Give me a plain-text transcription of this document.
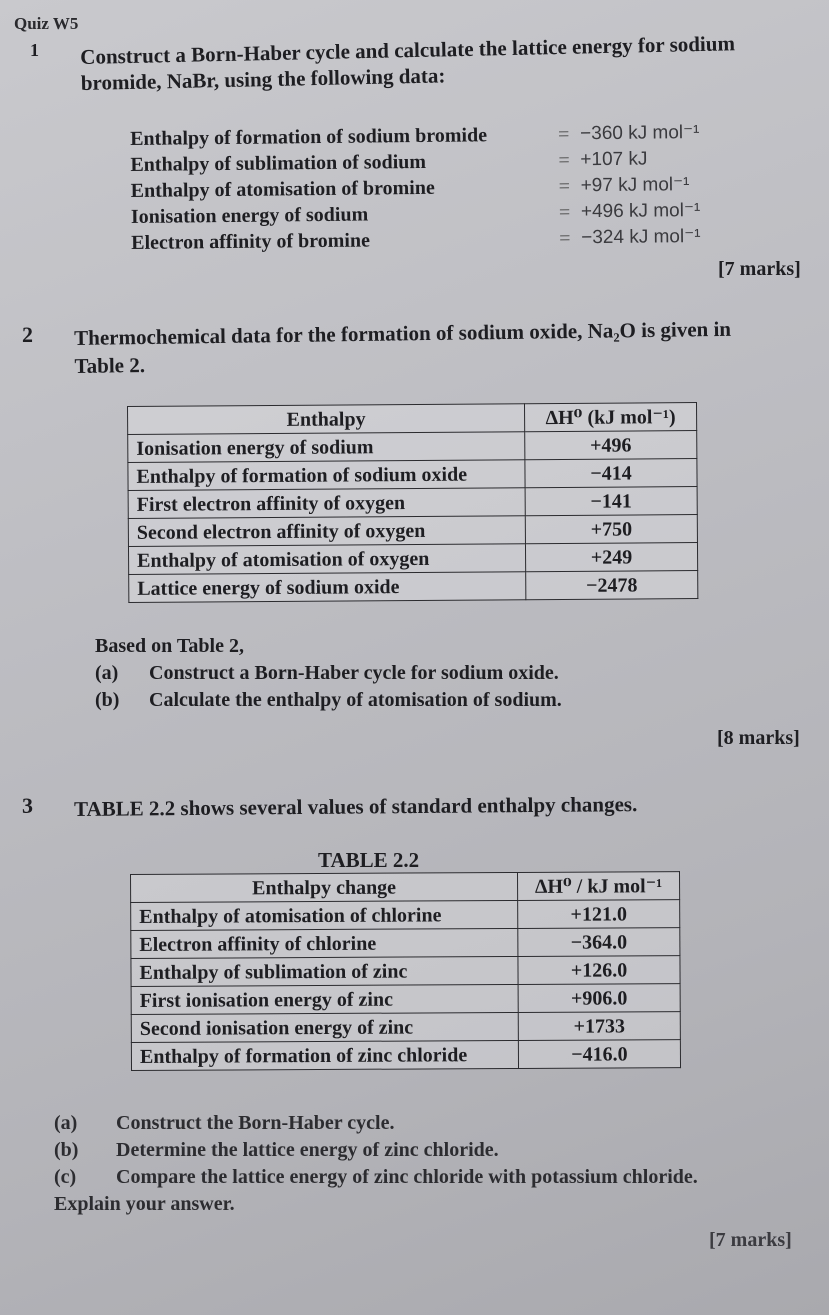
Quiz W5
1 Construct a Born-Haber cycle and calculate the lattice energy for sodium
bromide, NaBr, using the following data:
Enthalpy of formation of sodium bromide	= −360 kJ mol⁻¹
Enthalpy of sublimation of sodium	= +107 kJ
Enthalpy of atomisation of bromine	= +97 kJ mol⁻¹
Ionisation energy of sodium	= +496 kJ mol⁻¹
Electron affinity of bromine	= −324 kJ mol⁻¹
[7 marks]
2 Thermochemical data for the formation of sodium oxide, Na₂O is given in
Table 2.
Enthalpy	ΔH⁰ (kJ mol⁻¹)
Ionisation energy of sodium	+496
Enthalpy of formation of sodium oxide	−414
First electron affinity of oxygen	−141
Second electron affinity of oxygen	+750
Enthalpy of atomisation of oxygen	+249
Lattice energy of sodium oxide	−2478
Based on Table 2,
(a)	Construct a Born-Haber cycle for sodium oxide.
(b)	Calculate the enthalpy of atomisation of sodium.
[8 marks]
3 TABLE 2.2 shows several values of standard enthalpy changes.
TABLE 2.2
Enthalpy change	ΔH⁰ / kJ mol⁻¹
Enthalpy of atomisation of chlorine	+121.0
Electron affinity of chlorine	−364.0
Enthalpy of sublimation of zinc	+126.0
First ionisation energy of zinc	+906.0
Second ionisation energy of zinc	+1733
Enthalpy of formation of zinc chloride	−416.0
(a)	Construct the Born-Haber cycle.
(b)	Determine the lattice energy of zinc chloride.
(c)	Compare the lattice energy of zinc chloride with potassium chloride.
Explain your answer.
[7 marks]
